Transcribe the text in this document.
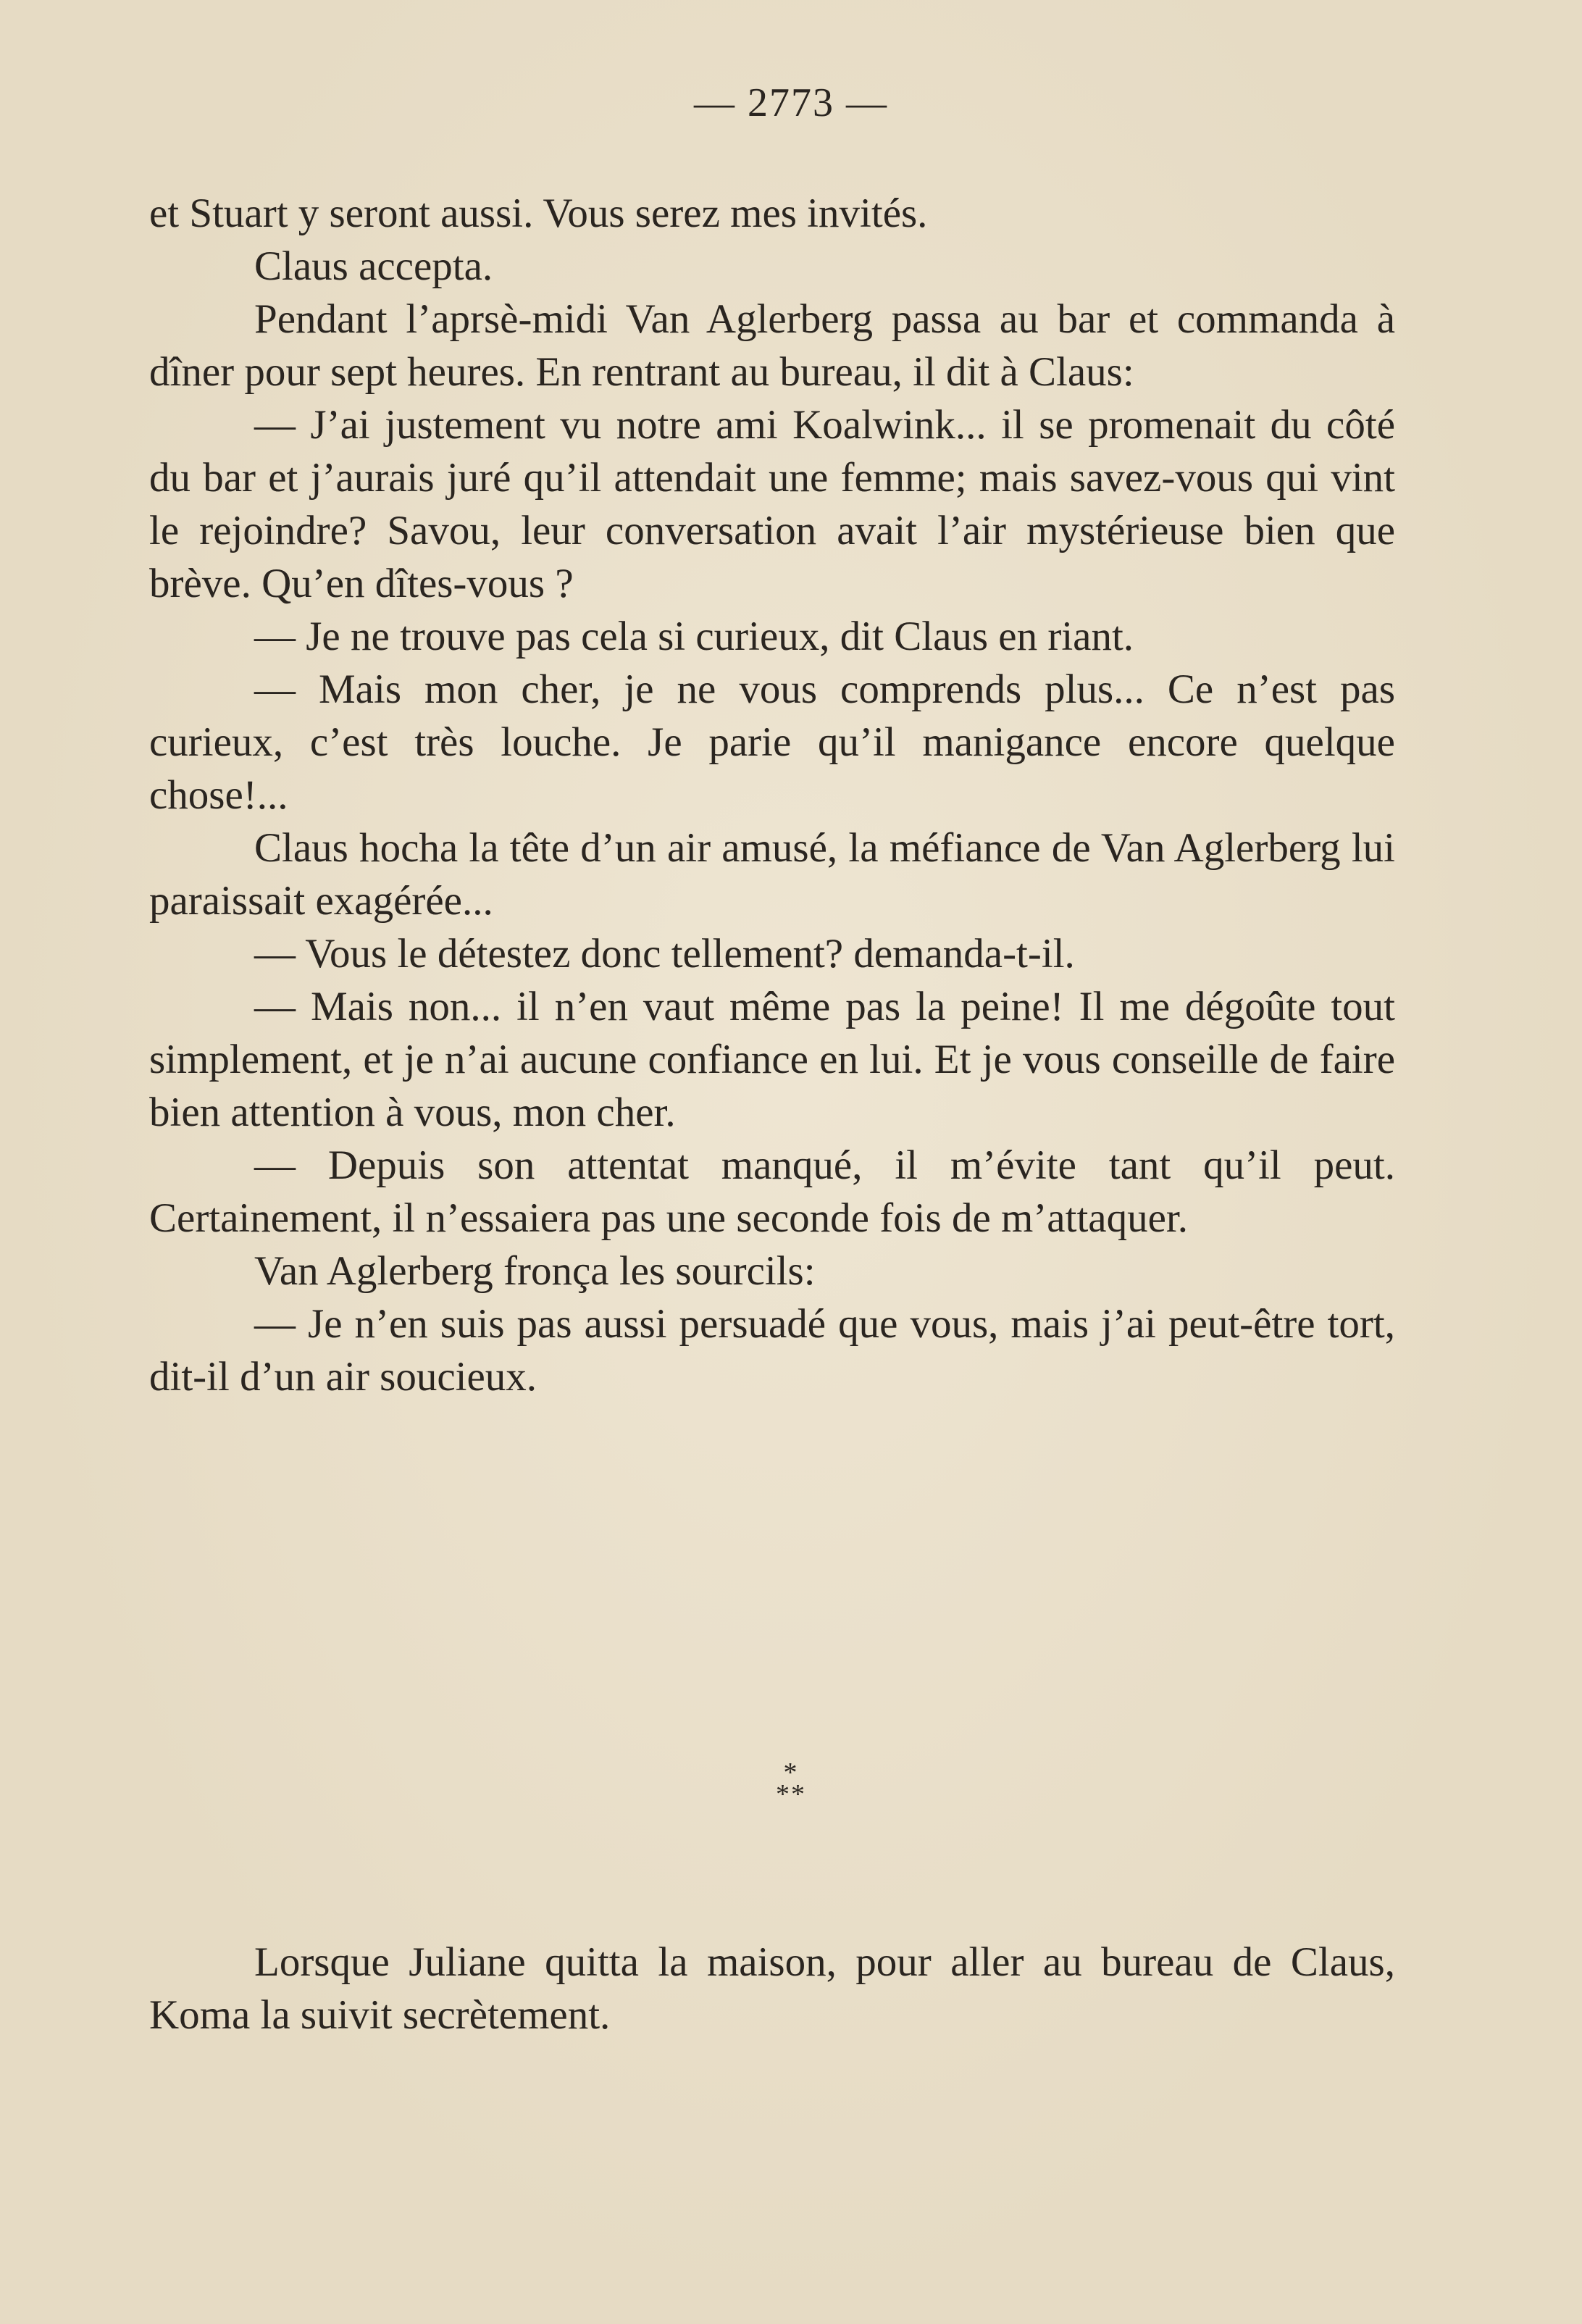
— 2773 —

et Stuart y seront aussi. Vous serez mes invités.

Claus accepta.

Pendant l’aprsè-midi Van Aglerberg passa au bar et commanda à dîner pour sept heures. En rentrant au bureau, il dit à Claus:

— J’ai justement vu notre ami Koalwink... il se promenait du côté du bar et j’aurais juré qu’il attendait une femme; mais savez-vous qui vint le rejoindre? Savou, leur conversation avait l’air mystérieuse bien que brève. Qu’en dîtes-vous ?

— Je ne trouve pas cela si curieux, dit Claus en riant.

— Mais mon cher, je ne vous comprends plus... Ce n’est pas curieux, c’est très louche. Je parie qu’il manigance encore quelque chose!...

Claus hocha la tête d’un air amusé, la méfiance de Van Aglerberg lui paraissait exagérée...

— Vous le détestez donc tellement? demanda-t-il.

— Mais non... il n’en vaut même pas la peine! Il me dégoûte tout simplement, et je n’ai aucune confiance en lui. Et je vous conseille de faire bien attention à vous, mon cher.

— Depuis son attentat manqué, il m’évite tant qu’il peut. Certainement, il n’essaiera pas une seconde fois de m’attaquer.

Van Aglerberg fronça les sourcils:

— Je n’en suis pas aussi persuadé que vous, mais j’ai peut-être tort, dit-il d’un air soucieux.

*
**

Lorsque Juliane quitta la maison, pour aller au bureau de Claus, Koma la suivit secrètement.
